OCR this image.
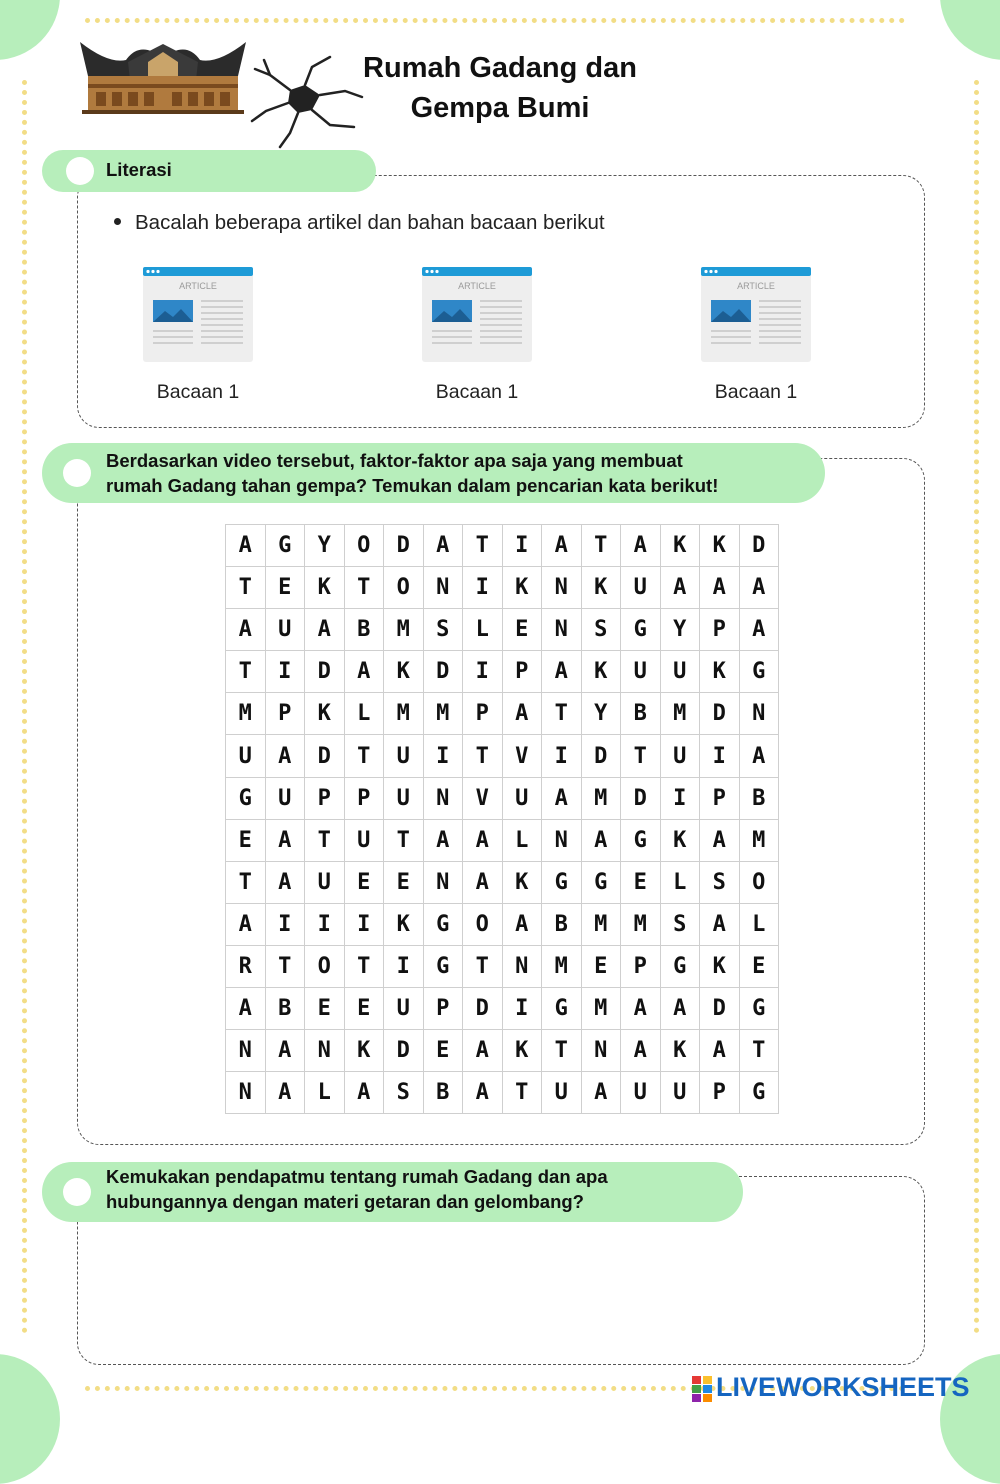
Rumah Gadang dan
Gempa Bumi
Literasi
Bacalah beberapa artikel dan bahan bacaan berikut
ARTICLE
Bacaan 1
ARTICLE
Bacaan 1
ARTICLE
Bacaan 1
Berdasarkan video tersebut, faktor-faktor apa saja yang membuat
rumah Gadang tahan gempa? Temukan dalam pencarian kata berikut!
A	G	Y	O	D	A	T	I	A	T	A	K	K	D
T	E	K	T	O	N	I	K	N	K	U	A	A	A
A	U	A	B	M	S	L	E	N	S	G	Y	P	A
T	I	D	A	K	D	I	P	A	K	U	U	K	G
M	P	K	L	M	M	P	A	T	Y	B	M	D	N
U	A	D	T	U	I	T	V	I	D	T	U	I	A
G	U	P	P	U	N	V	U	A	M	D	I	P	B
E	A	T	U	T	A	A	L	N	A	G	K	A	M
T	A	U	E	E	N	A	K	G	G	E	L	S	O
A	I	I	I	K	G	O	A	B	M	M	S	A	L
R	T	O	T	I	G	T	N	M	E	P	G	K	E
A	B	E	E	U	P	D	I	G	M	A	A	D	G
N	A	N	K	D	E	A	K	T	N	A	K	A	T
N	A	L	A	S	B	A	T	U	A	U	U	P	G
Kemukakan pendapatmu tentang rumah Gadang dan apa
hubungannya dengan materi getaran dan gelombang?
LIVEWORKSHEETS
